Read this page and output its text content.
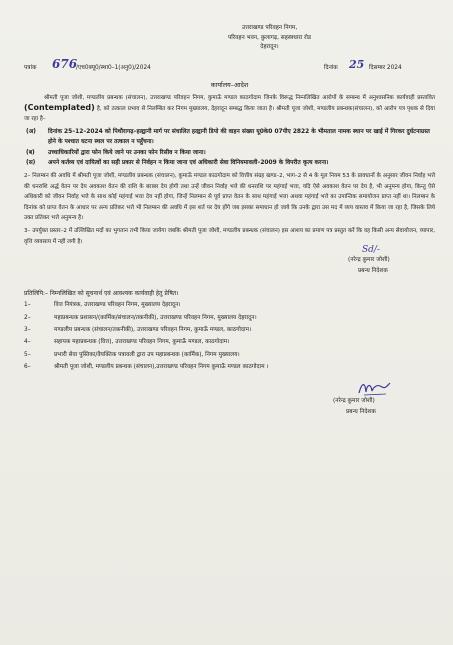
उत्तराखण्ड परिवहन निगम,
परिवहन भवन, कुलागढ़, सहस्त्रधारा रोड
देहरादून।
पत्रांक 676
/एच0क्यू0/स्था0–1(अनु0)/2024	दिनांक 25 दिसम्बर 2024
कार्यालय–आदेश
श्रीमती पूजा जोशी, मण्डलीय प्रबन्धक (संचालन), उत्तराखण्ड परिवहन निगम, कुमाऊँ मण्डल काठगोदाम जिनके विरूद्ध निम्नलिखित आरोपों के सम्बन्ध में अनुशासनिक कार्यवाही प्रस्तावित (Contemplated) है, को तत्काल प्रभाव से निलम्बित कर निगम मुख्यालय, देहरादून सम्बद्ध किया जाता है। श्रीमती पूजा जोशी, मण्डलीय प्रबन्धक(संचालन), को आरोप पत्र पृथक से दिया जा रहा है–
(अ) दिनांक 25–12–2024 को पिथौरागढ़–हल्द्वानी मार्ग पर संचालित हल्द्वानी डिपो की वाहन संख्या यू0के0 07पीए 2822 के भीमताल नामक स्थान पर खाई में गिरकर दुर्घटनाग्रस्त होने के पश्चात घटना स्थल पर तत्काल न पहुँचना।
(ब) उच्चाधिकारियों द्वारा फोन किये जाने पर उनका फोन रिसीव न किया जाना।
(स) अपने कर्तव्य एवं दायित्वों का सही प्रकार से निर्वहन न किया जाना एवं अधिकारी सेवा विनियमावली–2009 के विपरीत कृत्य करना।
2– निलम्बन की अवधि में श्रीमती पूजा जोशी, मण्डलीय प्रबन्धक (संचालन), कुमाऊँ मण्डल काठगोदाम को वित्तीय संग्रह खण्ड–2, भाग–2 से 4 के मूल नियम 53 के प्रावधानों के अनुसार जीवन निर्वाह भत्ते की धनराशि अर्द्ध वेतन पर देय अवकाश वेतन की राशि के बराबर देय होगी तथा उन्हें जीवन निर्वाह भत्ते की धनराशि पर महंगाई भत्ता, यदि ऐसे अवकाश वेतन पर देय है, भी अनुमन्य होगा, किन्तु ऐसे अधिकारी को जीवन निर्वाह भत्ते के साथ कोई महंगाई भत्ता देय नहीं होगा, जिन्हें निलम्बन से पूर्व प्राप्त वेतन के साथ महंगाई भत्ता अथवा महंगाई भत्ते का उपान्तिक समायोजन प्राप्त नहीं था। निलम्बन के दिनांक को प्राप्त वेतन के आधार पर अन्य प्रतिकर भत्ते भी निलम्बन की अवधि में इस शर्त पर देय होंगे जब इसका समाधान हो जाये कि उनके द्वारा उस मद में व्यय वास्तव में किया जा रहा है, जिसके लिये उक्त प्रतिकर भत्ते अनुमन्य है।
3– उपर्युक्त प्रस्तर–2 में उल्लिखित मदों का भुगतान तभी किया जायेगा जबकि श्रीमती पूजा जोशी, मण्डलीय प्रबन्धक (संचालन) इस आशय का प्रमाण पत्र प्रस्तुत करें कि वह किसी अन्य सेवायोजन, व्यापार, वृत्ति व्यवसाय में नहीं लगी है।
Sd/-
(नरेन्द्र कुमार जोशी)
प्रबन्ध निदेशक
प्रतिलिपि:– निम्नलिखित को सूचनार्थ एवं आवश्यक कार्यवाही हेतु प्रेषित।
1–	वित्त नियंत्रक, उत्तराखण्ड परिवहन निगम, मुख्यालय देहरादून।
2–	महाप्रबन्धक प्रशासन/(कार्मिक/संचालन/तकनीकी), उत्तराखण्ड परिवहन निगम, मुख्यालय देहरादून।
3–	मण्डलीय प्रबन्धक (संचालन/तकनीकी), उत्तराखण्ड परिवहन निगम, कुमाऊँ मण्डल, काठगोदाम।
4–	सहायक महाप्रबन्धक (वित्त), उत्तराखण्ड परिवहन निगम, कुमाऊँ मण्डल, काठगोदाम।
5–	प्रभारी सेवा पुस्तिका/वैयक्तिक पत्रावली द्वारा उप महाप्रबन्धक (कार्मिक), निगम मुख्यालय।
6–	श्रीमती पूजा जोशी, मण्डलीय प्रबन्धक (संचालन),उत्तराखण्ड परिवहन निगम कुमाऊँ मण्डल काठगोदाम ।
(नरेन्द्र कुमार जोशी)
प्रबन्ध निदेशक
